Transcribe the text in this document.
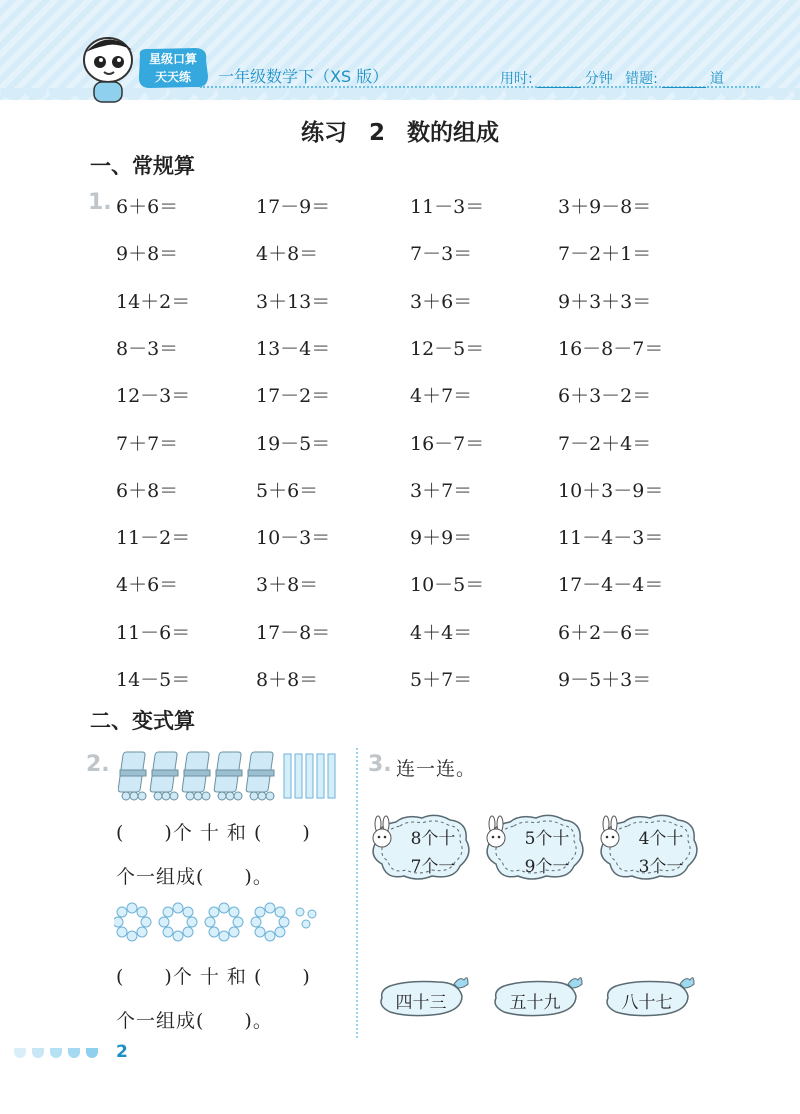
星级口算
天天练	一年级数学下（XS 版）	用时:	分钟 错题:	道
练习 2 数的组成
一、常规算
1. 6＋6＝	17－9＝	11－3＝	3＋9－8＝
9＋8＝	4＋8＝	7－3＝	7－2＋1＝
14＋2＝	3＋13＝	3＋6＝	9＋3＋3＝
8－3＝	13－4＝	12－5＝	16－8－7＝
12－3＝	17－2＝	4＋7＝	6＋3－2＝
7＋7＝	19－5＝	16－7＝	7－2＋4＝
6＋8＝	5＋6＝	3＋7＝	10＋3－9＝
11－2＝	10－3＝	9＋9＝	11－4－3＝
4＋6＝	3＋8＝	10－5＝	17－4－4＝
11－6＝	17－8＝	4＋4＝	6＋2－6＝
14－5＝	8＋8＝	5＋7＝	9－5＋3＝
二、变式算
2.
(　　)个 十 和 (　　)
个一组成(　　)。
(　　)个 十 和 (　　)
个一组成(　　)。
3. 连一连。
8个十
7个一
5个十
9个一
4个十
3个一
四十三	五十九	八十七
2
